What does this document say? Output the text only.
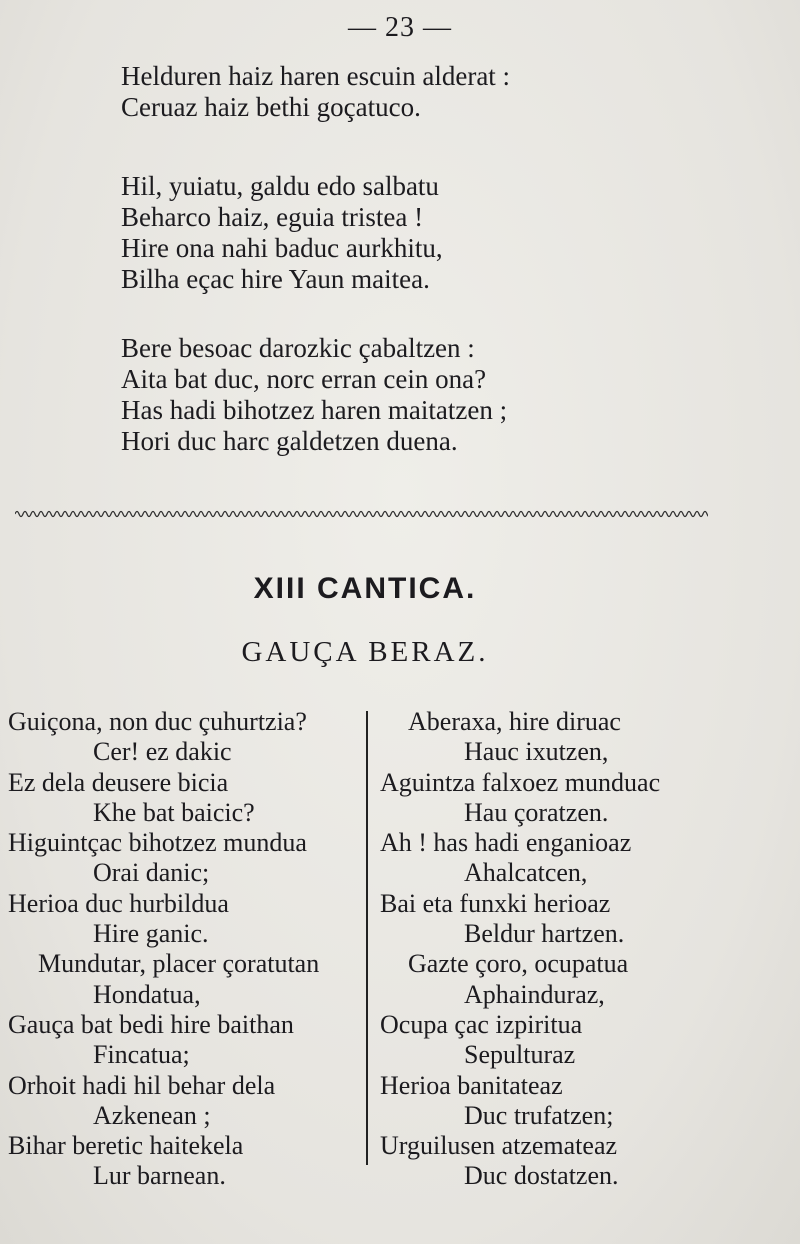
— 23 —
Helduren haiz haren escuin alderat :
Ceruaz haiz bethi goçatuco.
Hil, yuiatu, galdu edo salbatu
Beharco haiz, eguia tristea !
Hire ona nahi baduc aurkhitu,
Bilha eçac hire Yaun maitea.
Bere besoac darozkic çabaltzen :
Aita bat duc, norc erran cein ona?
Has hadi bihotzez haren maitatzen ;
Hori duc harc galdetzen duena.
XIII CANTICA.
GAUÇA BERAZ.
Guiçona, non duc çuhurtzia?
Cer! ez dakic
Ez dela deusere bicia
Khe bat baicic?
Higuintçac bihotzez mundua
Orai danic;
Herioa duc hurbildua
Hire ganic.
Mundutar, placer çoratutan
Hondatua,
Gauça bat bedi hire baithan
Fincatua;
Orhoit hadi hil behar dela
Azkenean ;
Bihar beretic haitekela
Lur barnean.
Aberaxa, hire diruac
Hauc ixutzen,
Aguintza falxoez munduac
Hau çoratzen.
Ah ! has hadi enganioaz
Ahalcatcen,
Bai eta funxki herioaz
Beldur hartzen.
Gazte çoro, ocupatua
Aphainduraz,
Ocupa çac izpiritua
Sepulturaz
Herioa banitateaz
Duc trufatzen;
Urguilusen atzemateaz
Duc dostatzen.
